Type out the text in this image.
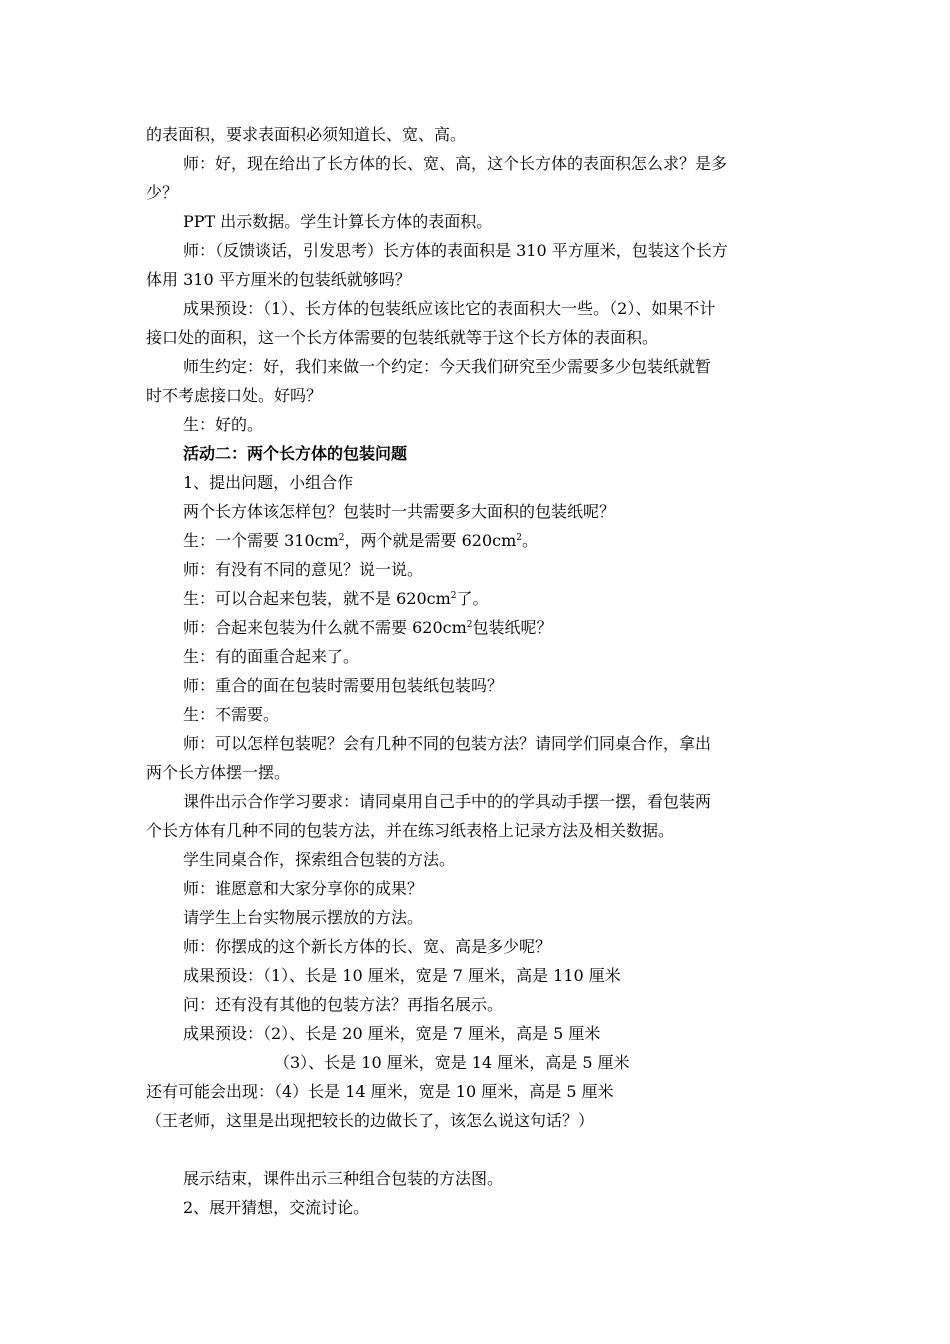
的表面积，要求表面积必须知道长、宽、高。
师：好，现在给出了长方体的长、宽、高，这个长方体的表面积怎么求？是多
少？
PPT 出示数据。学生计算长方体的表面积。
师：（反馈谈话，引发思考）长方体的表面积是 310 平方厘米，包装这个长方
体用 310 平方厘米的包装纸就够吗？
成果预设：（1）、长方体的包装纸应该比它的表面积大一些。（2）、如果不计
接口处的面积，这一个长方体需要的包装纸就等于这个长方体的表面积。
师生约定：好，我们来做一个约定：今天我们研究至少需要多少包装纸就暂
时不考虑接口处。好吗？
生：好的。
活动二：两个长方体的包装问题
1、提出问题，小组合作
两个长方体该怎样包？包装时一共需要多大面积的包装纸呢？
生：一个需要 $310cm^2$，两个就是需要 $620cm^2$。
师：有没有不同的意见？说一说。
生：可以合起来包装，就不是 $620cm^2$了。
师：合起来包装为什么就不需要 $620cm^2$包装纸呢？
生：有的面重合起来了。
师：重合的面在包装时需要用包装纸包装吗？
生：不需要。
师：可以怎样包装呢？会有几种不同的包装方法？请同学们同桌合作，拿出
两个长方体摆一摆。
课件出示合作学习要求：请同桌用自己手中的的学具动手摆一摆，看包装两
个长方体有几种不同的包装方法，并在练习纸表格上记录方法及相关数据。
学生同桌合作，探索组合包装的方法。
师：谁愿意和大家分享你的成果？
请学生上台实物展示摆放的方法。
师：你摆成的这个新长方体的长、宽、高是多少呢？
成果预设：（1）、长是 10 厘米，宽是 7 厘米，高是 110 厘米
问：还有没有其他的包装方法？再指名展示。
成果预设：（2）、长是 20 厘米，宽是 7 厘米，高是 5 厘米
（3）、长是 10 厘米，宽是 14 厘米，高是 5 厘米
还有可能会出现：（4）长是 14 厘米，宽是 10 厘米，高是 5 厘米
（王老师，这里是出现把较长的边做长了，该怎么说这句话？）
展示结束，课件出示三种组合包装的方法图。
2、展开猜想，交流讨论。
